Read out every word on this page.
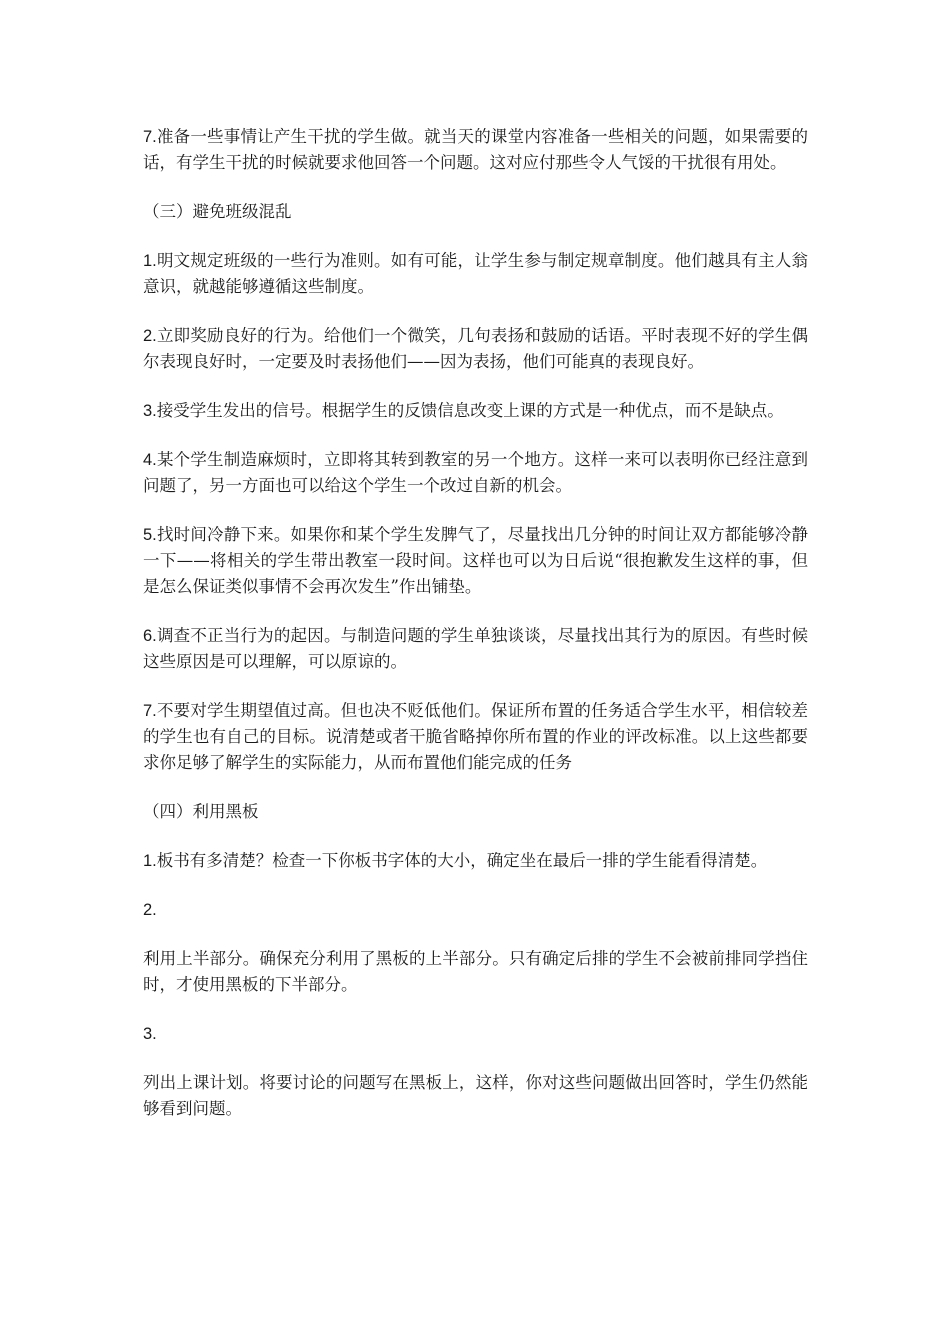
7.准备一些事情让产生干扰的学生做。就当天的课堂内容准备一些相关的问题，如果需要的话，有学生干扰的时候就要求他回答一个问题。这对应付那些令人气馁的干扰很有用处。

（三）避免班级混乱

1.明文规定班级的一些行为准则。如有可能，让学生参与制定规章制度。他们越具有主人翁意识，就越能够遵循这些制度。

2.立即奖励良好的行为。给他们一个微笑，几句表扬和鼓励的话语。平时表现不好的学生偶尔表现良好时，一定要及时表扬他们——因为表扬，他们可能真的表现良好。

3.接受学生发出的信号。根据学生的反馈信息改变上课的方式是一种优点，而不是缺点。

4.某个学生制造麻烦时，立即将其转到教室的另一个地方。这样一来可以表明你已经注意到问题了，另一方面也可以给这个学生一个改过自新的机会。

5.找时间冷静下来。如果你和某个学生发脾气了，尽量找出几分钟的时间让双方都能够冷静一下——将相关的学生带出教室一段时间。这样也可以为日后说“很抱歉发生这样的事，但是怎么保证类似事情不会再次发生”作出铺垫。

6.调查不正当行为的起因。与制造问题的学生单独谈谈，尽量找出其行为的原因。有些时候这些原因是可以理解，可以原谅的。

7.不要对学生期望值过高。但也决不贬低他们。保证所布置的任务适合学生水平，相信较差的学生也有自己的目标。说清楚或者干脆省略掉你所布置的作业的评改标准。以上这些都要求你足够了解学生的实际能力，从而布置他们能完成的任务

（四）利用黑板

1.板书有多清楚？检查一下你板书字体的大小，确定坐在最后一排的学生能看得清楚。

2.

利用上半部分。确保充分利用了黑板的上半部分。只有确定后排的学生不会被前排同学挡住时，才使用黑板的下半部分。

3.

列出上课计划。将要讨论的问题写在黑板上，这样，你对这些问题做出回答时，学生仍然能够看到问题。
